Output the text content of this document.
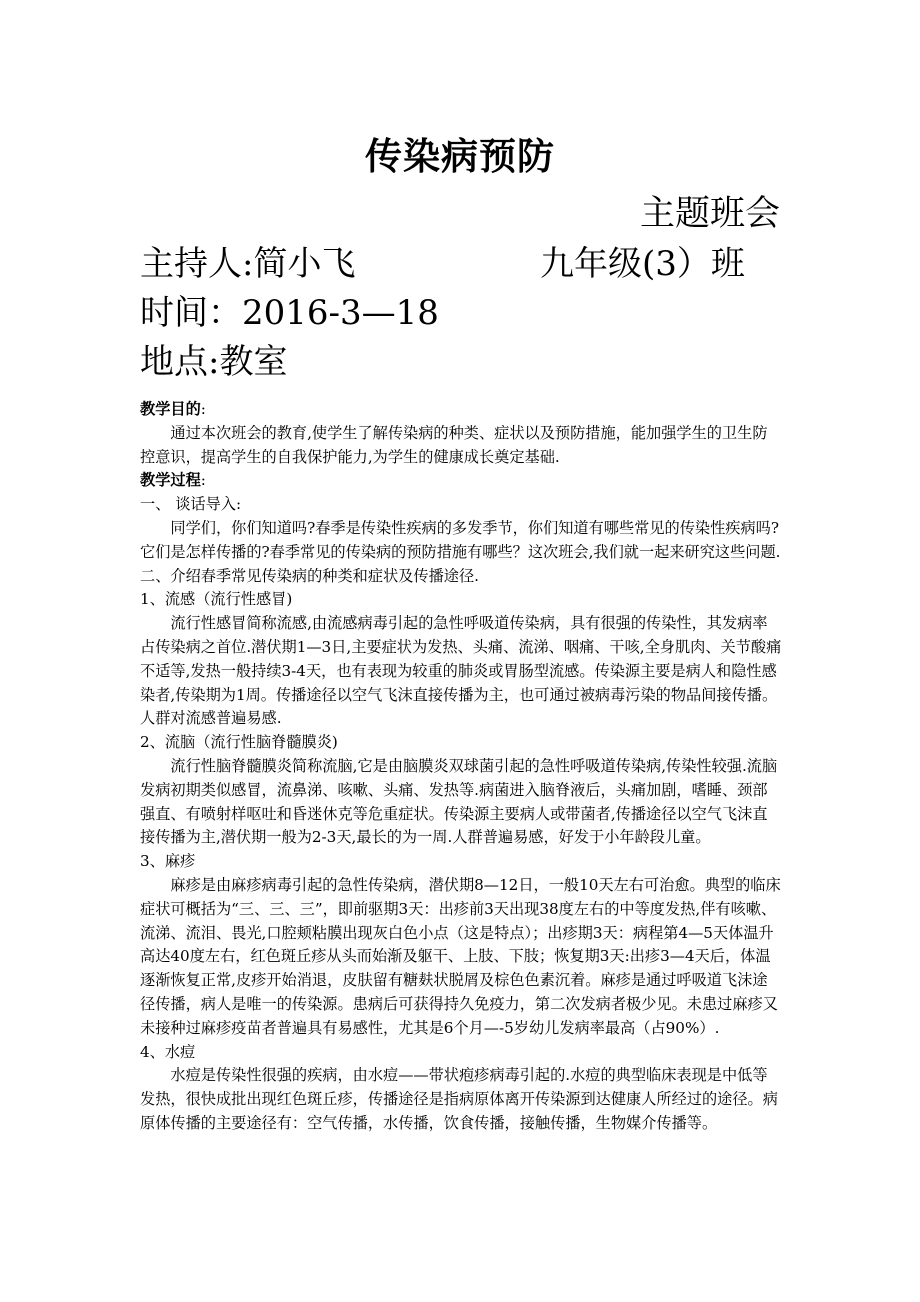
传染病预防
主题班会
主持人:简小飞	九年级(3）班
时间：2016-3—18
地点:教室

教学目的:

通过本次班会的教育,使学生了解传染病的种类、症状以及预防措施，能加强学生的卫生防控意识，提高学生的自我保护能力,为学生的健康成长奠定基础.

教学过程:

一、 谈话导入:

同学们，你们知道吗?春季是传染性疾病的多发季节，你们知道有哪些常见的传染性疾病吗?它们是怎样传播的?春季常见的传染病的预防措施有哪些？这次班会,我们就一起来研究这些问题.

二、介绍春季常见传染病的种类和症状及传播途径.

1、流感（流行性感冒)

流行性感冒简称流感,由流感病毒引起的急性呼吸道传染病，具有很强的传染性，其发病率占传染病之首位.潜伏期1—3日,主要症状为发热、头痛、流涕、咽痛、干咳,全身肌肉、关节酸痛不适等,发热一般持续3-4天，也有表现为较重的肺炎或胃肠型流感。传染源主要是病人和隐性感染者,传染期为1周。传播途径以空气飞沫直接传播为主，也可通过被病毒污染的物品间接传播。人群对流感普遍易感.

2、流脑（流行性脑脊髓膜炎)

流行性脑脊髓膜炎简称流脑,它是由脑膜炎双球菌引起的急性呼吸道传染病,传染性较强.流脑发病初期类似感冒，流鼻涕、咳嗽、头痛、发热等.病菌进入脑脊液后，头痛加剧，嗜睡、颈部强直、有喷射样呕吐和昏迷休克等危重症状。传染源主要病人或带菌者,传播途径以空气飞沫直接传播为主,潜伏期一般为2-3天,最长的为一周.人群普遍易感，好发于小年龄段儿童。

3、麻疹

麻疹是由麻疹病毒引起的急性传染病，潜伏期8—12日，一般10天左右可治愈。典型的临床症状可概括为“三、三、三”，即前驱期3天：出疹前3天出现38度左右的中等度发热,伴有咳嗽、流涕、流泪、畏光,口腔颊粘膜出现灰白色小点（这是特点）；出疹期3天：病程第4—5天体温升高达40度左右，红色斑丘疹从头而始渐及躯干、上肢、下肢；恢复期3天:出疹3—4天后，体温逐渐恢复正常,皮疹开始消退，皮肤留有糖麸状脱屑及棕色色素沉着。麻疹是通过呼吸道飞沫途径传播，病人是唯一的传染源。患病后可获得持久免疫力，第二次发病者极少见。未患过麻疹又未接种过麻疹疫苗者普遍具有易感性，尤其是6个月—-5岁幼儿发病率最高（占90%）.

4、水痘

水痘是传染性很强的疾病，由水痘——带状疱疹病毒引起的.水痘的典型临床表现是中低等发热，很快成批出现红色斑丘疹，传播途径是指病原体离开传染源到达健康人所经过的途径。病原体传播的主要途径有：空气传播，水传播，饮食传播，接触传播，生物媒介传播等。
